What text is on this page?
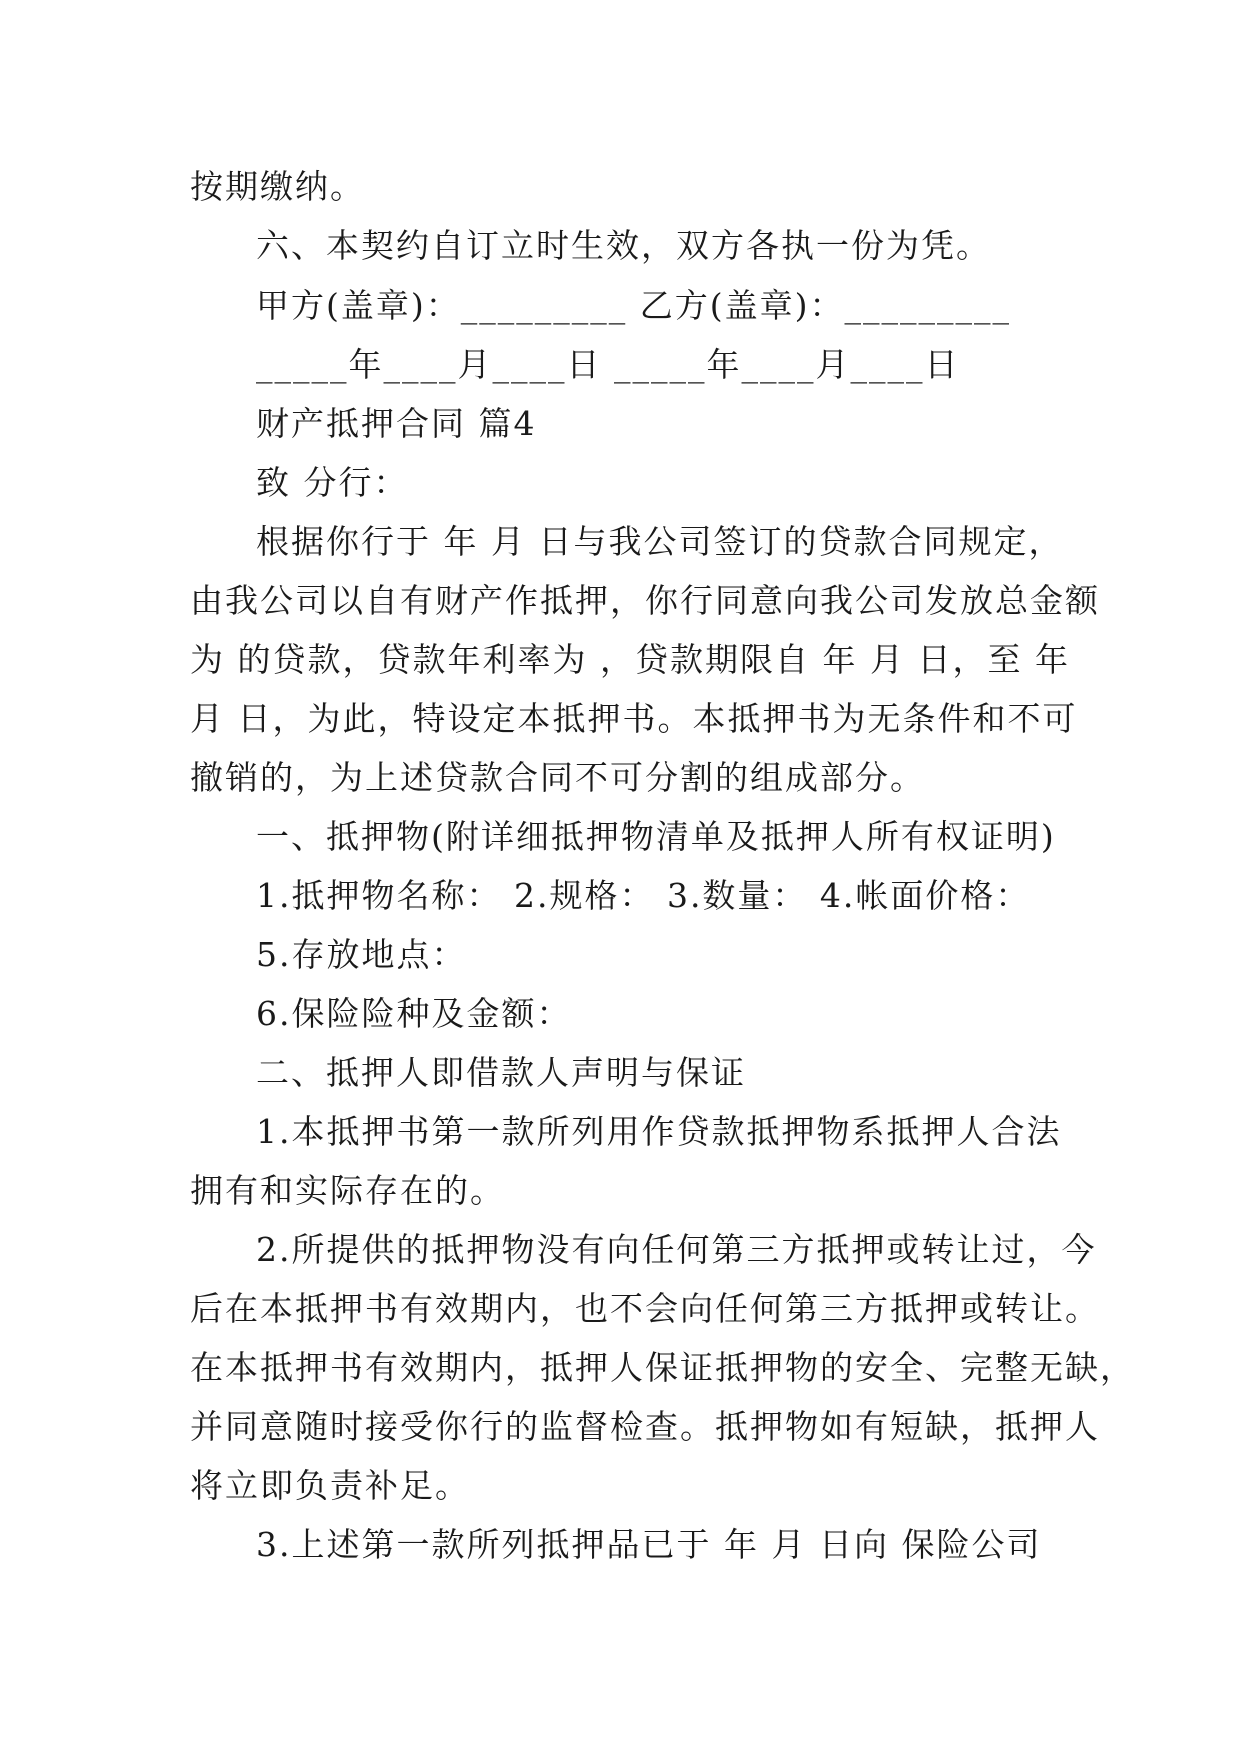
按期缴纳。
六、本契约自订立时生效，双方各执一份为凭。
甲方(盖章)：_________ 乙方(盖章)：_________
_____年____月____日 _____年____月____日
财产抵押合同 篇4
致 分行：
根据你行于 年 月 日与我公司签订的贷款合同规定，
由我公司以自有财产作抵押，你行同意向我公司发放总金额
为 的贷款，贷款年利率为 ，贷款期限自 年 月 日，至 年
月 日，为此，特设定本抵押书。本抵押书为无条件和不可
撤销的，为上述贷款合同不可分割的组成部分。
一、抵押物(附详细抵押物清单及抵押人所有权证明)
1.抵押物名称： 2.规格： 3.数量： 4.帐面价格：
5.存放地点：
6.保险险种及金额：
二、抵押人即借款人声明与保证
1.本抵押书第一款所列用作贷款抵押物系抵押人合法
拥有和实际存在的。
2.所提供的抵押物没有向任何第三方抵押或转让过，今
后在本抵押书有效期内，也不会向任何第三方抵押或转让。
在本抵押书有效期内，抵押人保证抵押物的安全、完整无缺，
并同意随时接受你行的监督检查。抵押物如有短缺，抵押人
将立即负责补足。
3.上述第一款所列抵押品已于 年 月 日向 保险公司
